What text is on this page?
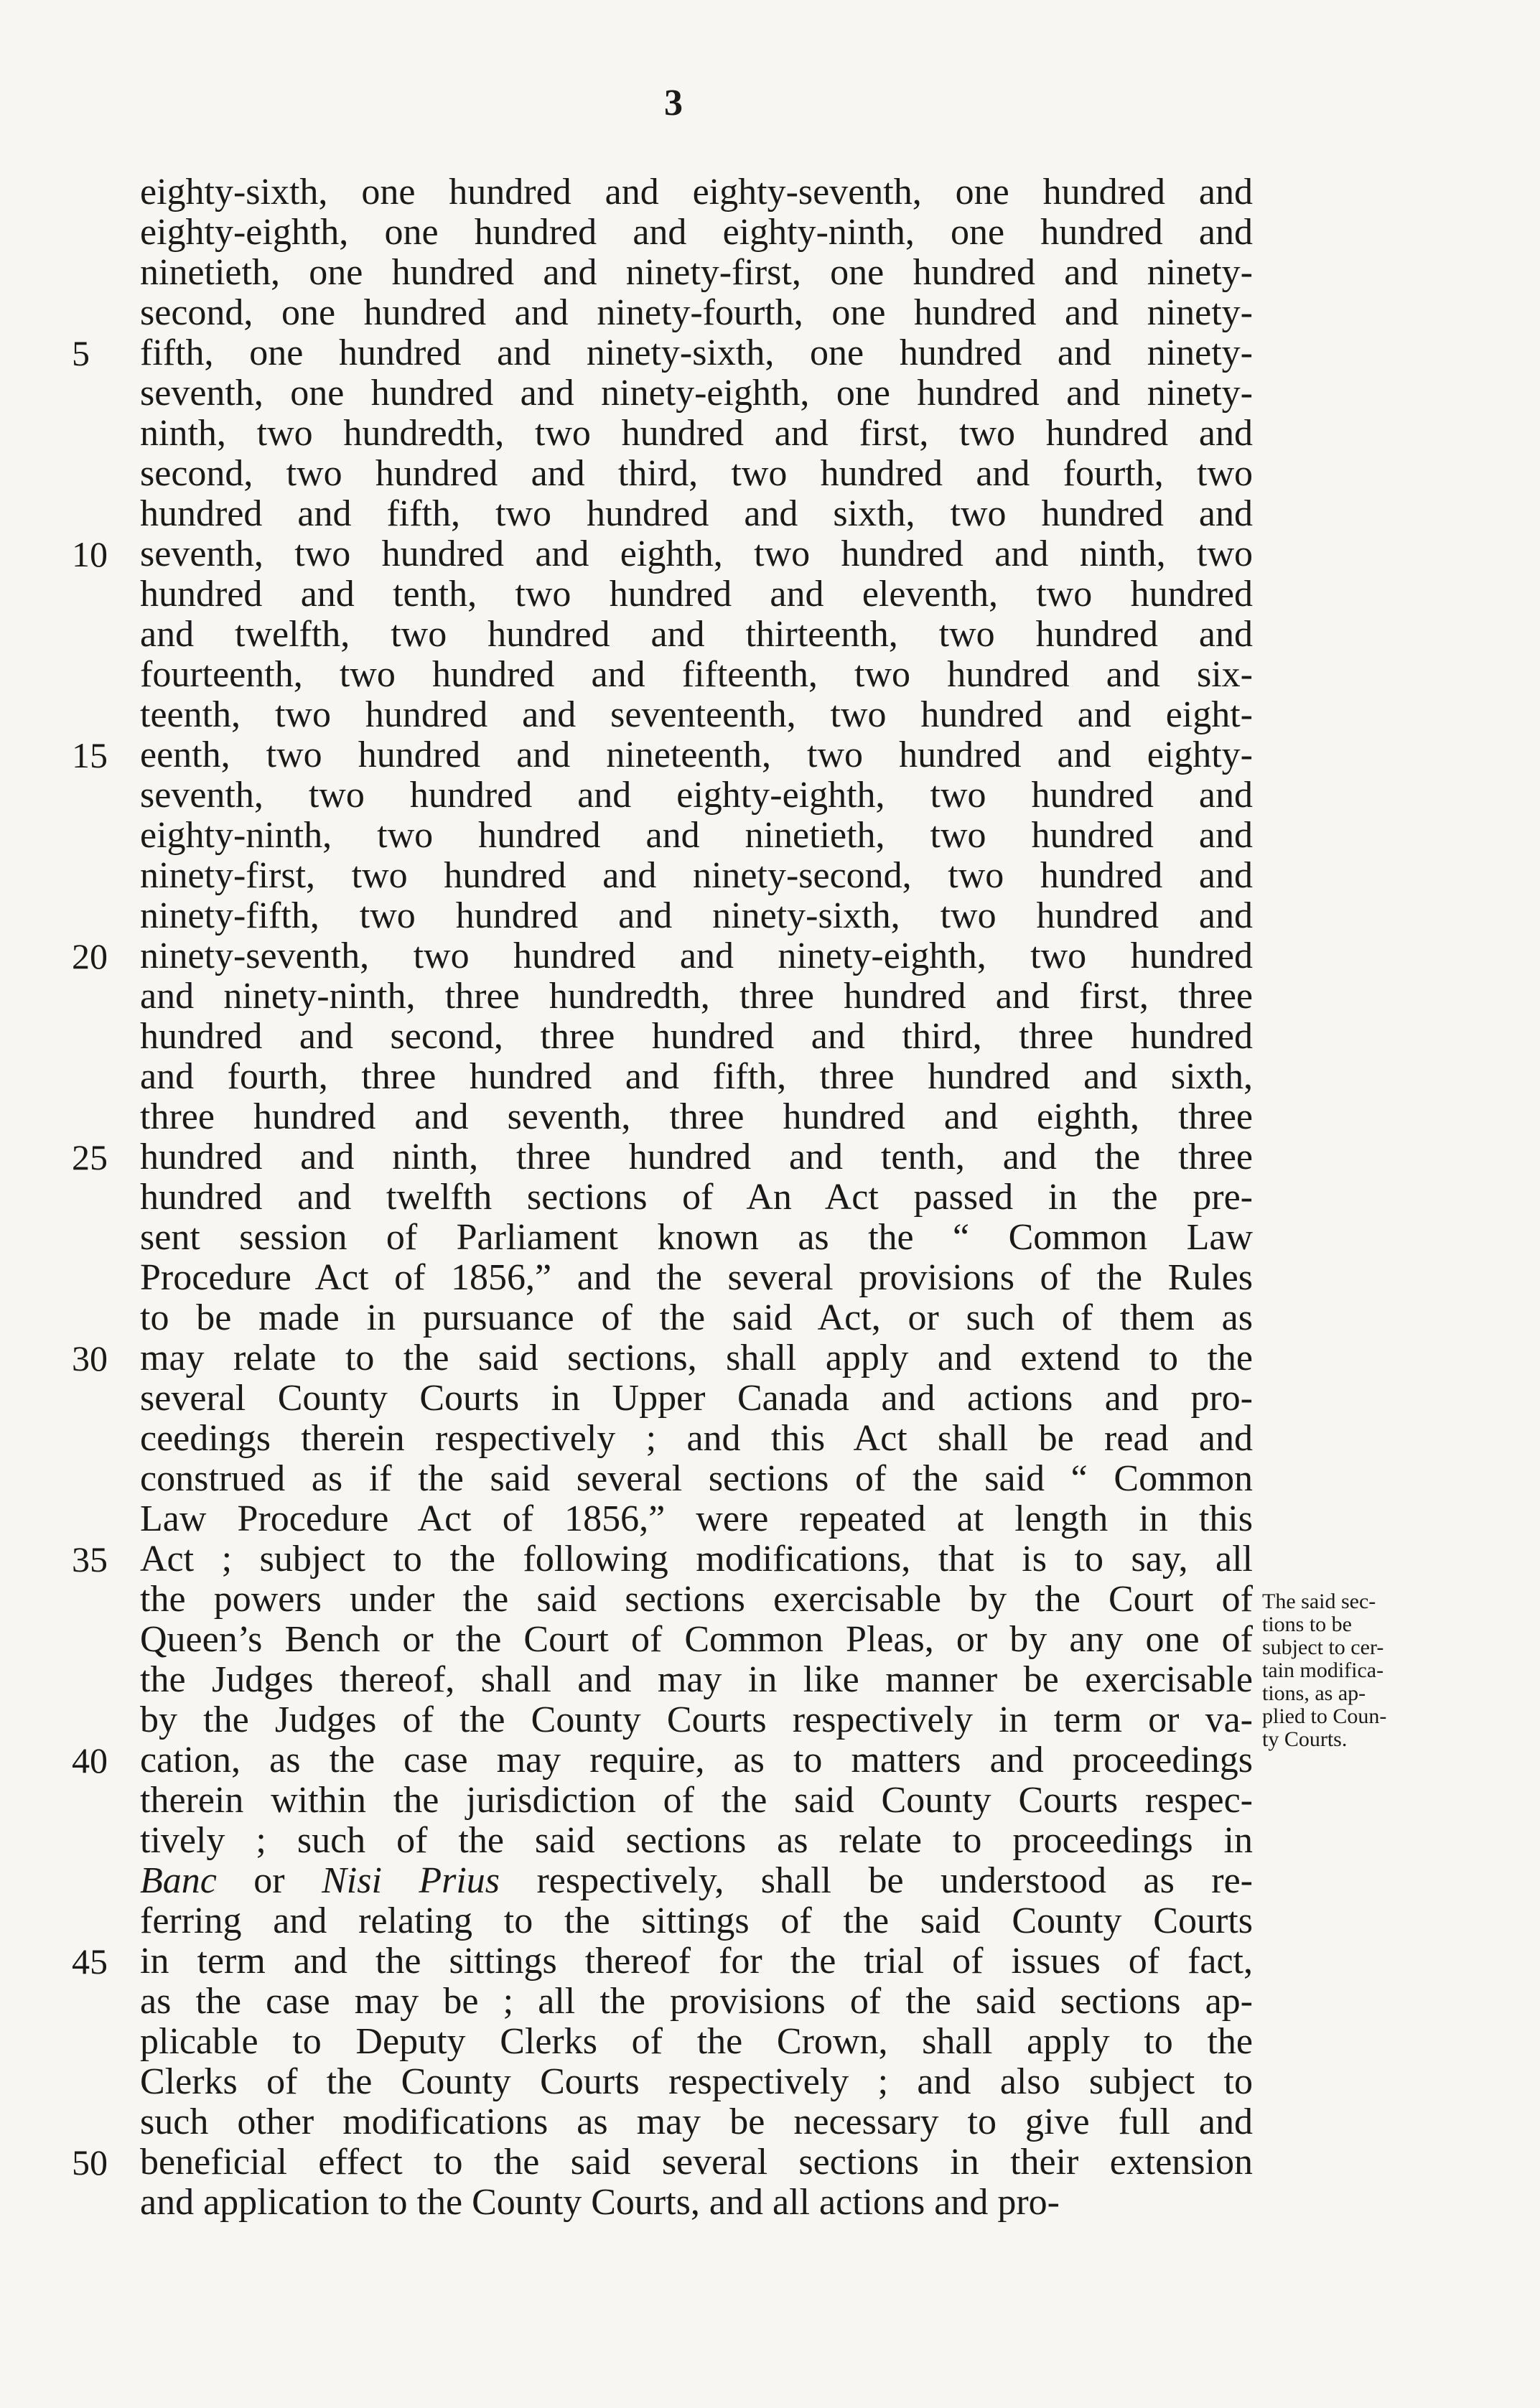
3
eighty-sixth, one hundred and eighty-seventh, one hundred and
eighty-eighth, one hundred and eighty-ninth, one hundred and
ninetieth, one hundred and ninety-first, one hundred and ninety-
second, one hundred and ninety-fourth, one hundred and ninety-
fifth, one hundred and ninety-sixth, one hundred and ninety-
5
seventh, one hundred and ninety-eighth, one hundred and ninety-
ninth, two hundredth, two hundred and first, two hundred and
second, two hundred and third, two hundred and fourth, two
hundred and fifth, two hundred and sixth, two hundred and
seventh, two hundred and eighth, two hundred and ninth, two
10
hundred and tenth, two hundred and eleventh, two hundred
and twelfth, two hundred and thirteenth, two hundred and
fourteenth, two hundred and fifteenth, two hundred and six-
teenth, two hundred and seventeenth, two hundred and eight-
eenth, two hundred and nineteenth, two hundred and eighty-
15
seventh, two hundred and eighty-eighth, two hundred and
eighty-ninth, two hundred and ninetieth, two hundred and
ninety-first, two hundred and ninety-second, two hundred and
ninety-fifth, two hundred and ninety-sixth, two hundred and
ninety-seventh, two hundred and ninety-eighth, two hundred
20
and ninety-ninth, three hundredth, three hundred and first, three
hundred and second, three hundred and third, three hundred
and fourth, three hundred and fifth, three hundred and sixth,
three hundred and seventh, three hundred and eighth, three
hundred and ninth, three hundred and tenth, and the three
25
hundred and twelfth sections of An Act passed in the pre-
sent session of Parliament known as the “ Common Law
Procedure Act of 1856,” and the several provisions of the Rules
to be made in pursuance of the said Act, or such of them as
may relate to the said sections, shall apply and extend to the
30
several County Courts in Upper Canada and actions and pro-
ceedings therein respectively ; and this Act shall be read and
construed as if the said several sections of the said “ Common
Law Procedure Act of 1856,” were repeated at length in this
Act ; subject to the following modifications, that is to say, all
35
the powers under the said sections exercisable by the Court of
Queen’s Bench or the Court of Common Pleas, or by any one of
the Judges thereof, shall and may in like manner be exercisable
by the Judges of the County Courts respectively in term or va-
cation, as the case may require, as to matters and proceedings
40
therein within the jurisdiction of the said County Courts respec-
tively ; such of the said sections as relate to proceedings in
Banc or Nisi Prius respectively, shall be understood as re-
ferring and relating to the sittings of the said County Courts
in term and the sittings thereof for the trial of issues of fact,
45
as the case may be ; all the provisions of the said sections ap-
plicable to Deputy Clerks of the Crown, shall apply to the
Clerks of the County Courts respectively ; and also subject to
such other modifications as may be necessary to give full and
beneficial effect to the said several sections in their extension
50
and application to the County Courts, and all actions and pro-
The said sec-
tions to be
subject to cer-
tain modifica-
tions, as ap-
plied to Coun-
ty Courts.
